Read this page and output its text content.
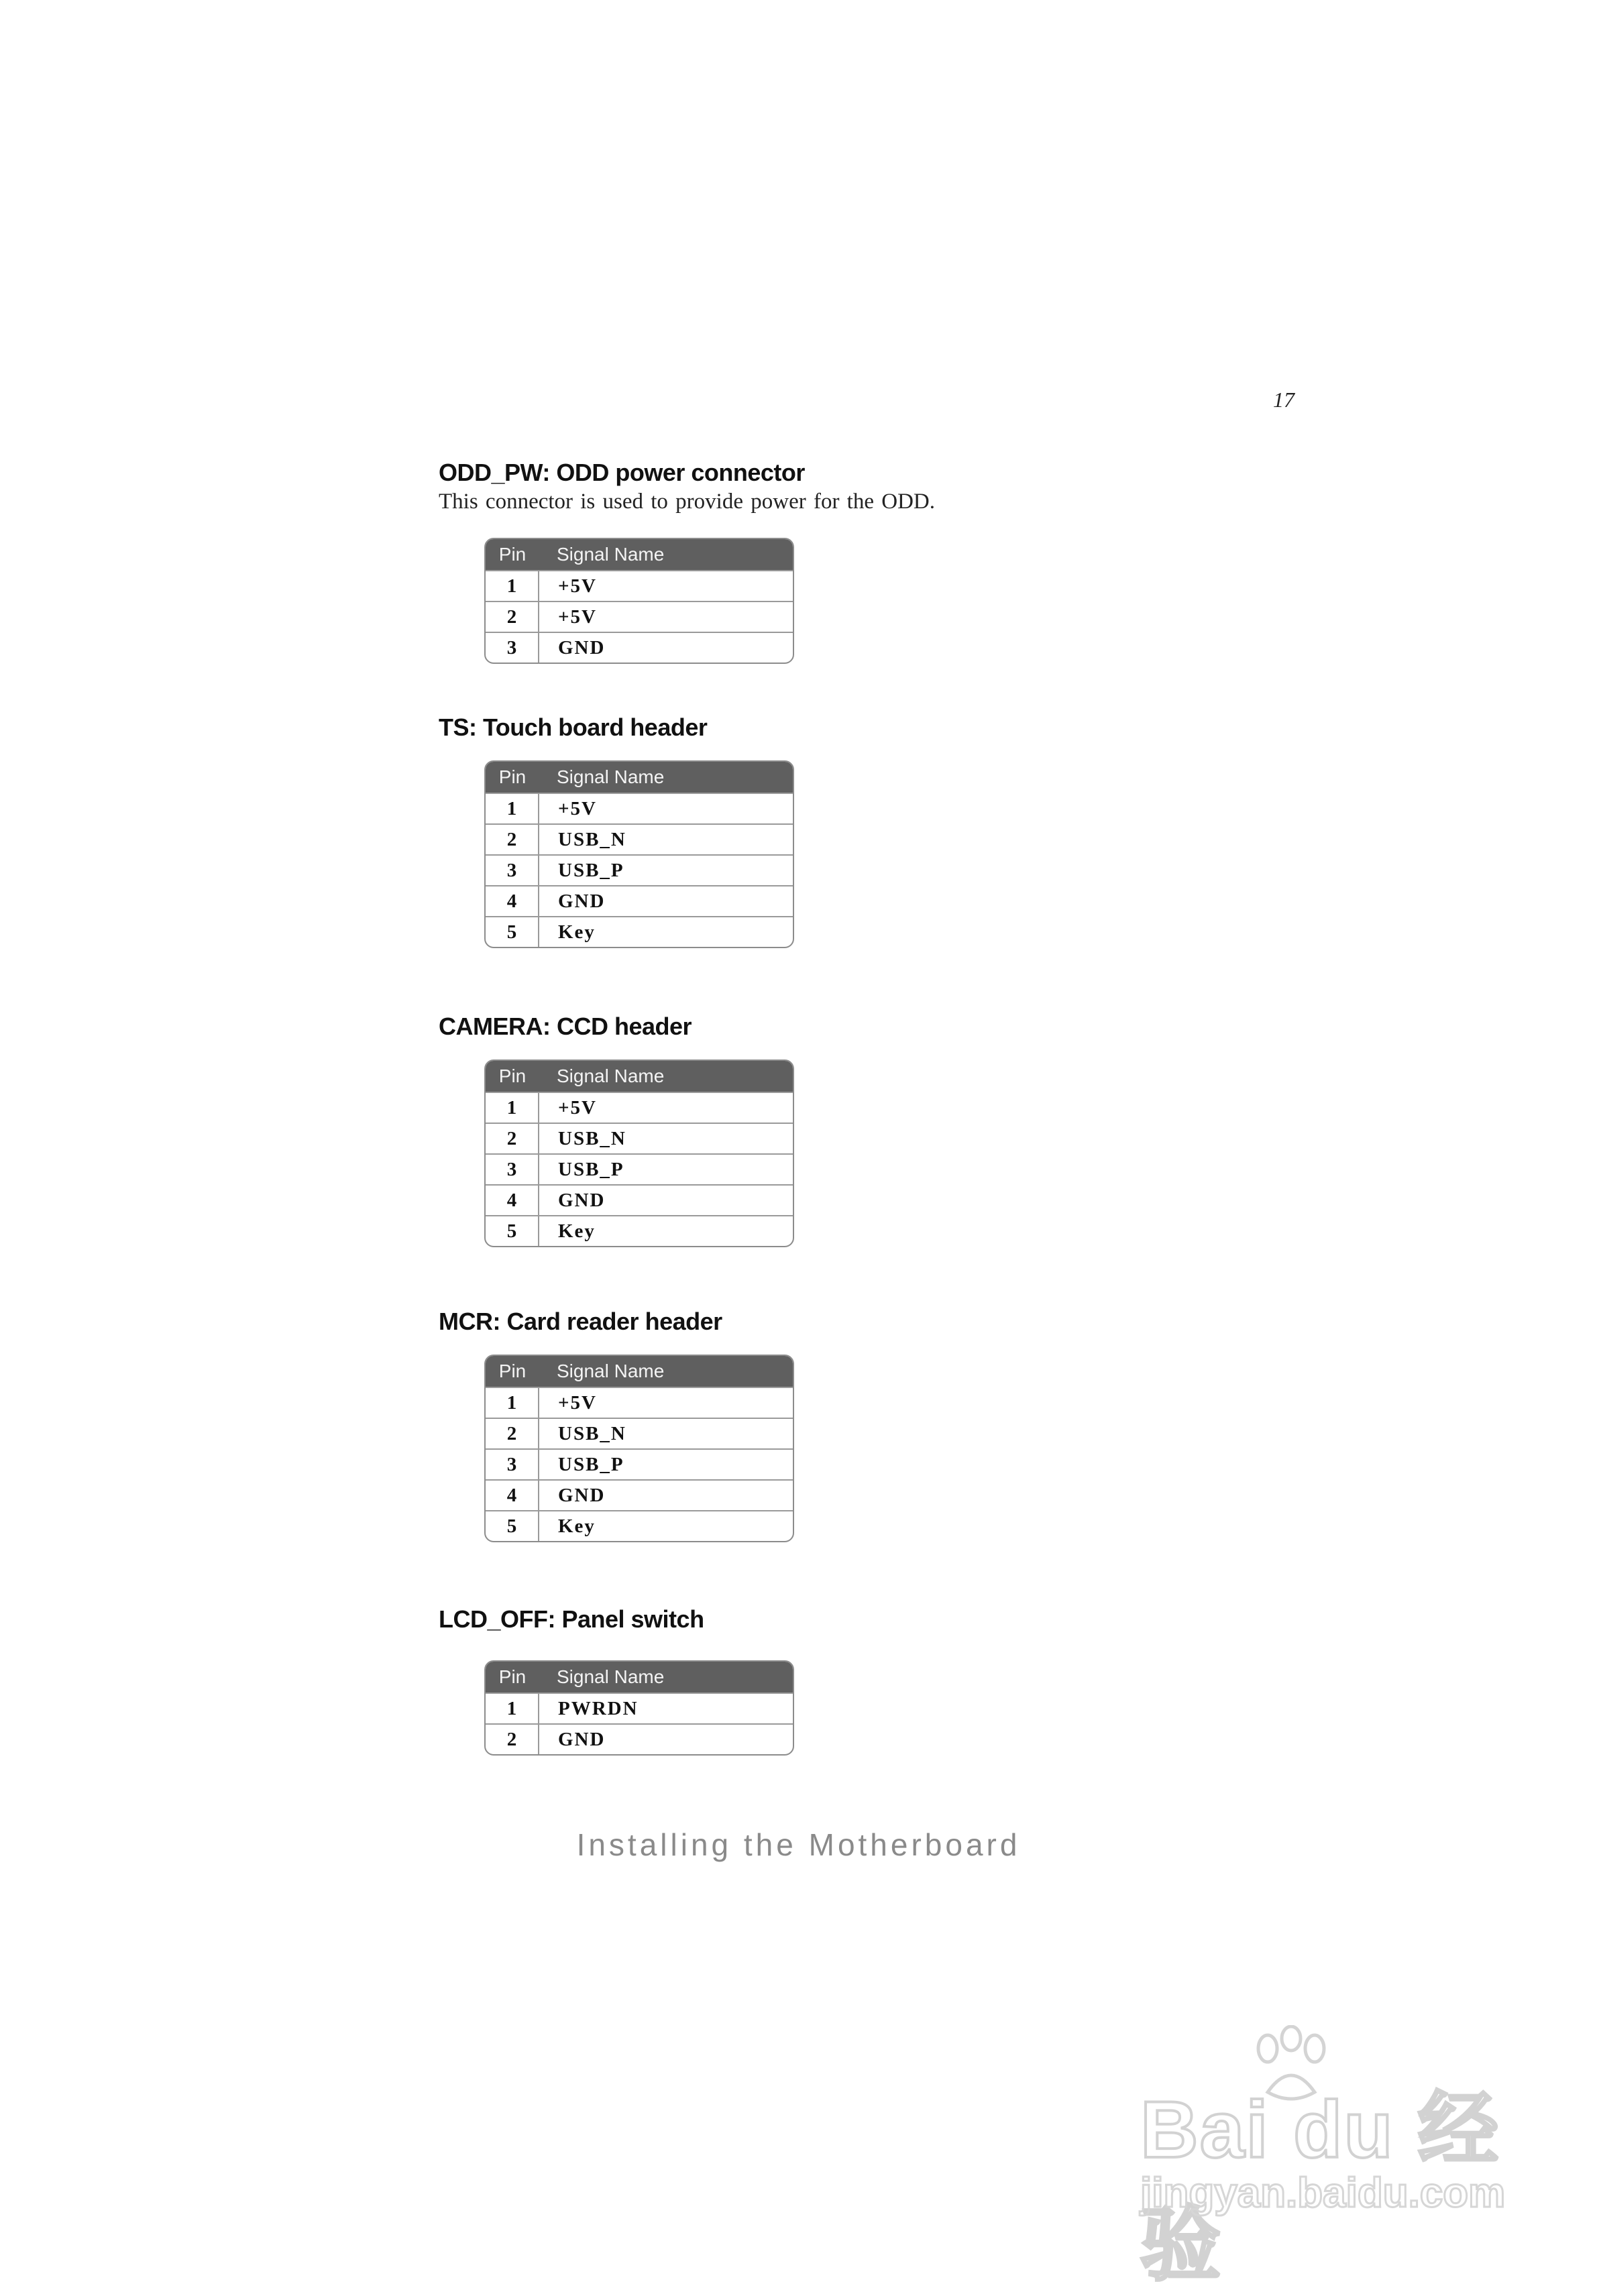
17
ODD_PW: ODD power connector

This connector is used to provide power for the ODD.

Pin	Signal Name
1	+5V
2	+5V
3	GND
TS: Touch board header
Pin	Signal Name
1	+5V
2	USB_N
3	USB_P
4	GND
5	Key
CAMERA: CCD header
Pin	Signal Name
1	+5V
2	USB_N
3	USB_P
4	GND
5	Key
MCR: Card reader header
Pin	Signal Name
1	+5V
2	USB_N
3	USB_P
4	GND
5	Key
LCD_OFF: Panel switch
Pin	Signal Name
1	PWRDN
2	GND
Installing the Motherboard
Bai du 经验
jingyan.baidu.com
